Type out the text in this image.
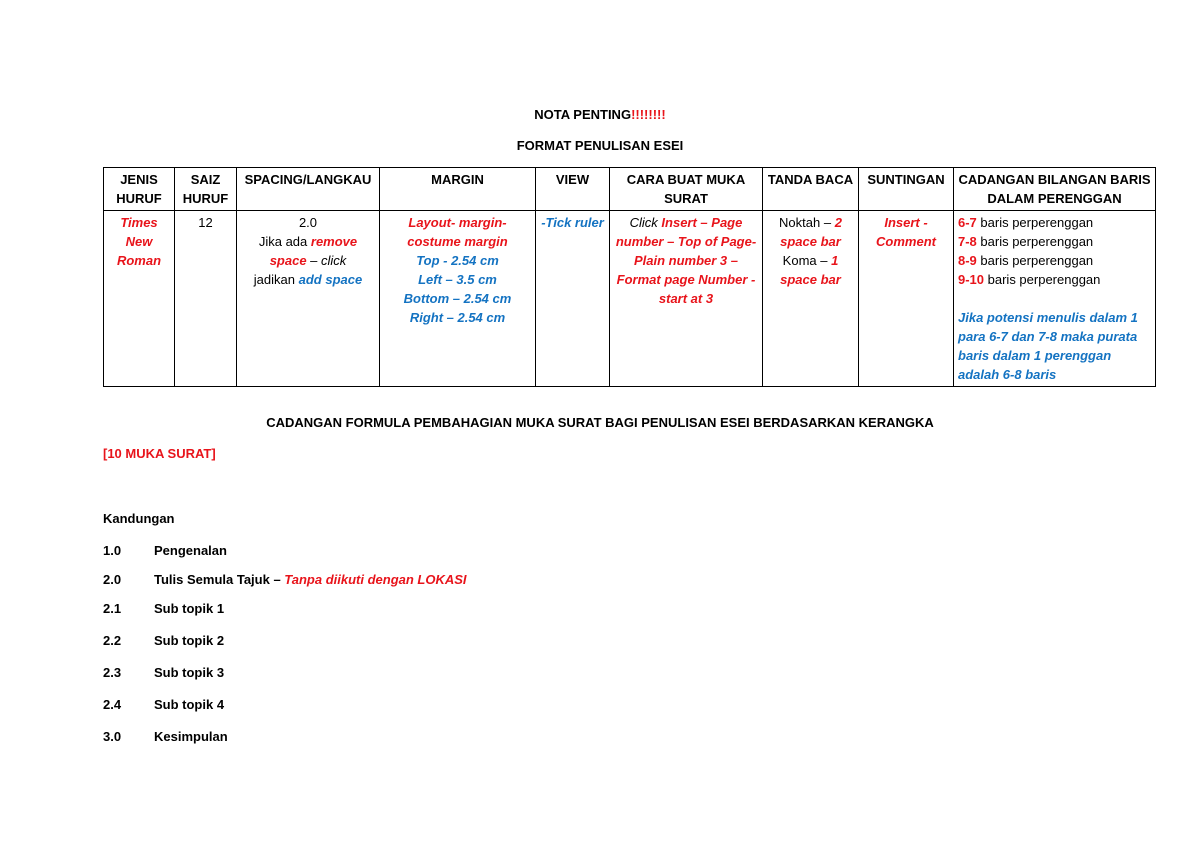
NOTA PENTING!!!!!!!!
FORMAT PENULISAN ESEI
JENIS HURUF	SAIZ HURUF	SPACING/LANGKAU	MARGIN	VIEW	CARA BUAT MUKA SURAT	TANDA BACA	SUNTINGAN	CADANGAN BILANGAN BARIS DALAM PERENGGAN
Times New Roman	12	2.0
Jika ada remove space – click
jadikan add space	Layout- margin- costume margin
Top - 2.54 cm
Left – 3.5 cm
Bottom – 2.54 cm
Right – 2.54 cm	-Tick ruler	Click Insert – Page number – Top of Page- Plain number 3 – Format page Number - start at 3	Noktah – 2 space bar
Koma – 1 space bar	Insert - Comment	6-7 baris perperenggan
7-8 baris perperenggan
8-9 baris perperenggan
9-10 baris perperenggan

Jika potensi menulis dalam 1 para 6-7 dan 7-8 maka purata baris dalam 1 perenggan adalah 6-8 baris
CADANGAN FORMULA PEMBAHAGIAN MUKA SURAT BAGI PENULISAN ESEI BERDASARKAN KERANGKA
[10 MUKA SURAT]
Kandungan
1.0	Pengenalan
2.0	Tulis Semula Tajuk – Tanpa diikuti dengan LOKASI
2.1	Sub topik 1
2.2	Sub topik 2
2.3	Sub topik 3
2.4	Sub topik 4
3.0	Kesimpulan
